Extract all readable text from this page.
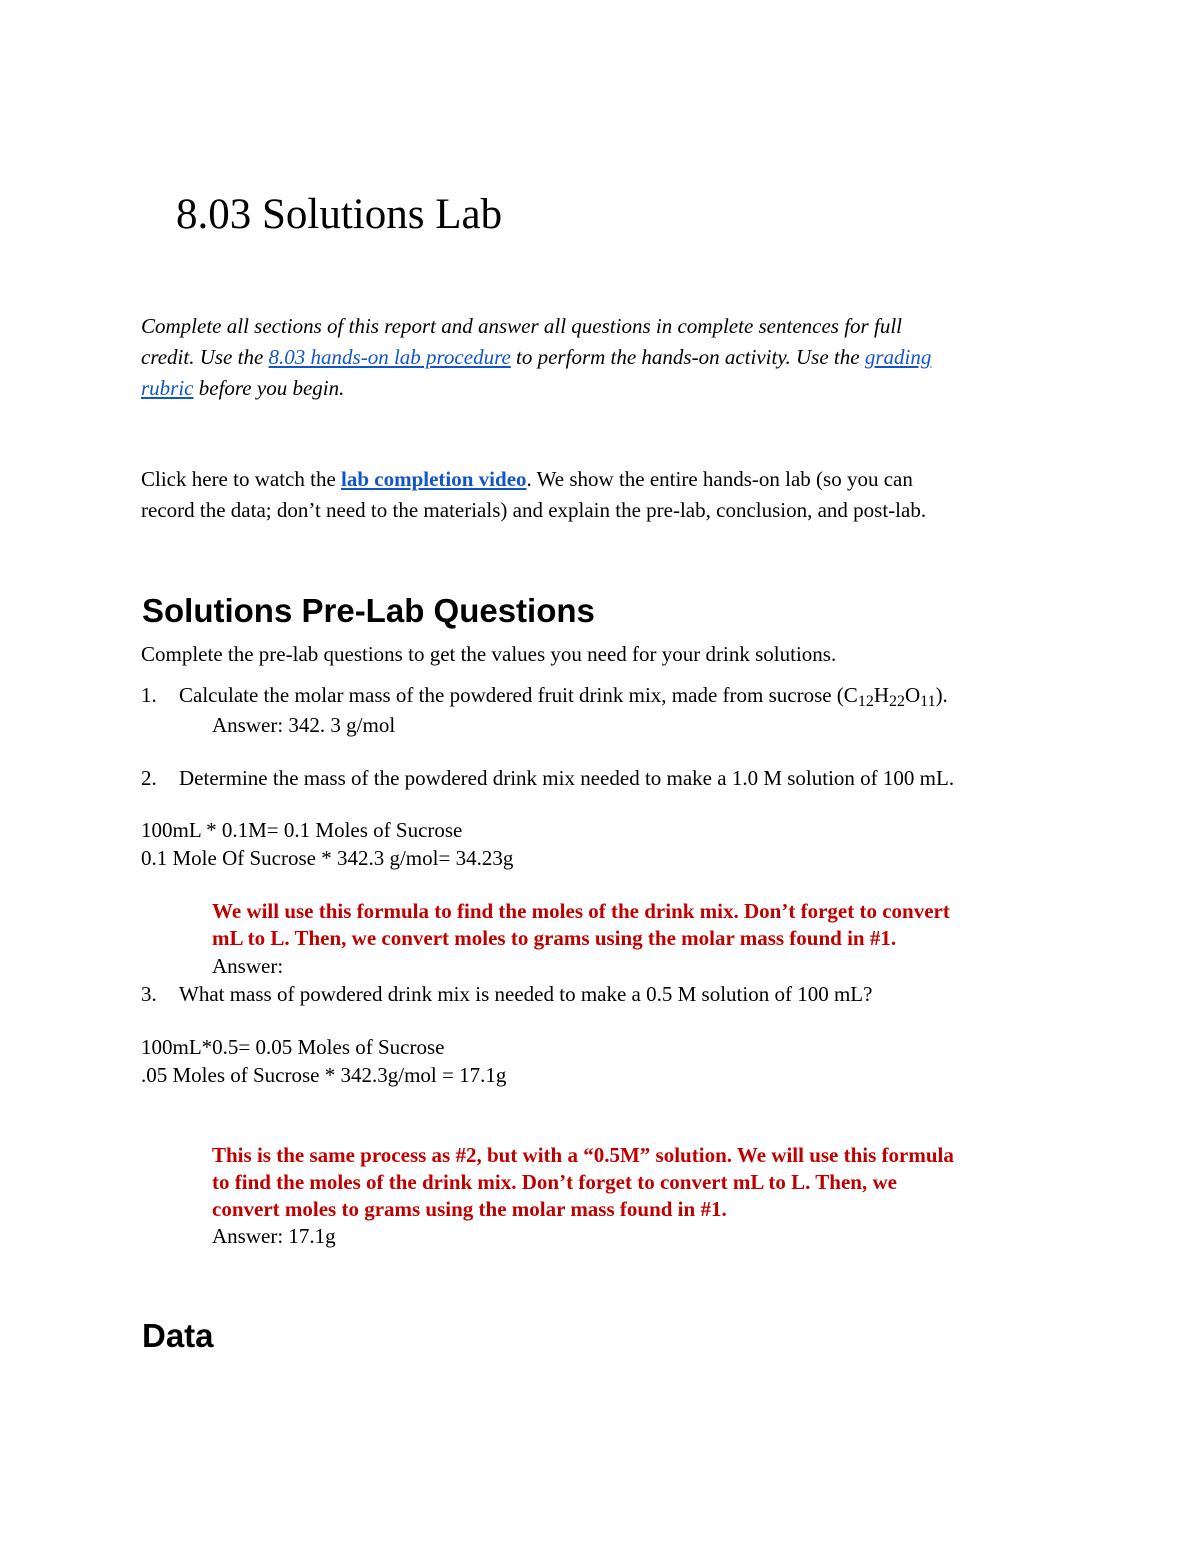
8.03 Solutions Lab
Complete all sections of this report and answer all questions in complete sentences for full
credit. Use the 8.03 hands-on lab procedure to perform the hands-on activity. Use the grading
rubric before you begin.
Click here to watch the lab completion video. We show the entire hands-on lab (so you can
record the data; don’t need to the materials) and explain the pre-lab, conclusion, and post-lab.
Solutions Pre-Lab Questions
Complete the pre-lab questions to get the values you need for your drink solutions.
1. Calculate the molar mass of the powdered fruit drink mix, made from sucrose $(C_{12}H_{22}O_{11})$.
Answer: 342. 3 g/mol
2. Determine the mass of the powdered drink mix needed to make a 1.0 M solution of 100 mL.
100mL * 0.1M= 0.1 Moles of Sucrose
0.1 Mole Of Sucrose * 342.3 g/mol= 34.23g
We will use this formula to find the moles of the drink mix. Don’t forget to convert
mL to L. Then, we convert moles to grams using the molar mass found in #1.
Answer:
3. What mass of powdered drink mix is needed to make a 0.5 M solution of 100 mL?
100mL*0.5= 0.05 Moles of Sucrose
.05 Moles of Sucrose * 342.3g/mol = 17.1g
This is the same process as #2, but with a “0.5M” solution. We will use this formula
to find the moles of the drink mix. Don’t forget to convert mL to L. Then, we
convert moles to grams using the molar mass found in #1.
Answer: 17.1g
Data
